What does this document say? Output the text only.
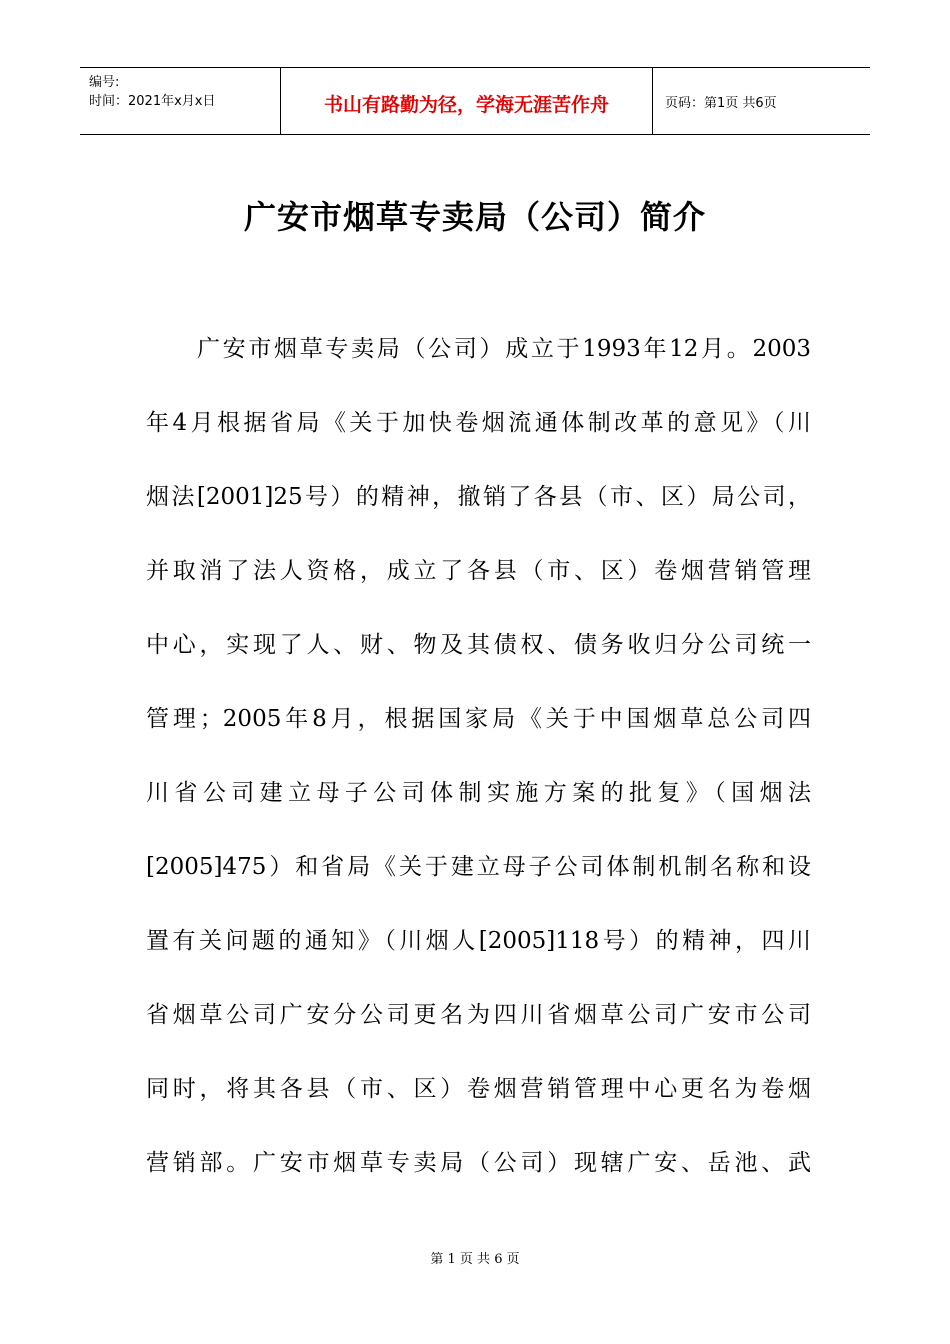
编号:
时间：2021年x月x日	书山有路勤为径，学海无涯苦作舟	页码：第1页 共6页
广安市烟草专卖局（公司）简介
广安市烟草专卖局（公司）成立于1993年12月。2003
年4月根据省局《关于加快卷烟流通体制改革的意见》（川
烟法[2001]25号）的精神，撤销了各县（市、区）局公司，
并取消了法人资格，成立了各县（市、区）卷烟营销管理
中心，实现了人、财、物及其债权、债务收归分公司统一
管理；2005年8月，根据国家局《关于中国烟草总公司四
川省公司建立母子公司体制实施方案的批复》（国烟法
[2005]475）和省局《关于建立母子公司体制机制名称和设
置有关问题的通知》（川烟人[2005]118号）的精神，四川
省烟草公司广安分公司更名为四川省烟草公司广安市公司
同时，将其各县（市、区）卷烟营销管理中心更名为卷烟
营销部。广安市烟草专卖局（公司）现辖广安、岳池、武
第 1 页 共 6 页
